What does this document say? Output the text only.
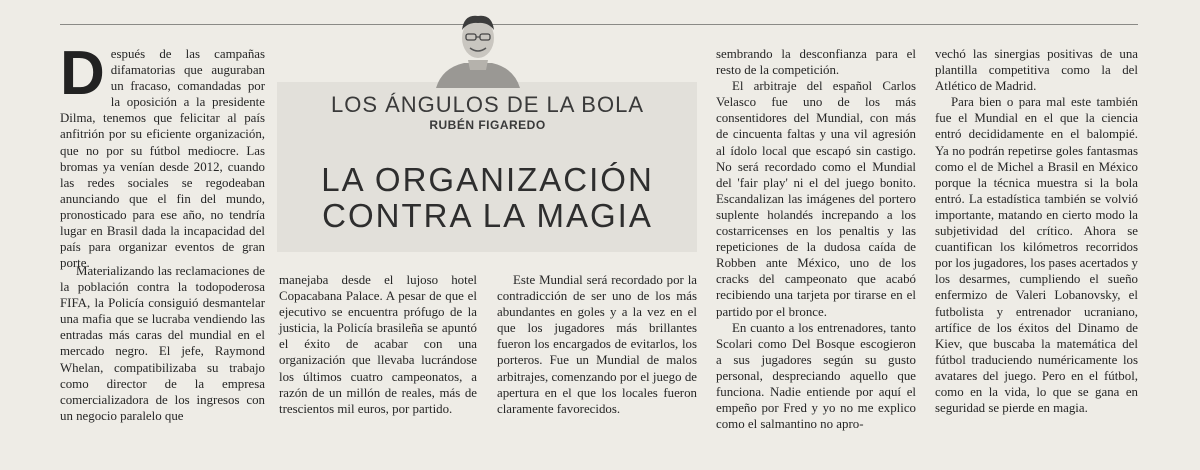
LOS ÁNGULOS DE LA BOLA
RUBÉN FIGAREDO
LA ORGANIZACIÓN
CONTRA LA MAGIA
D espués de las campañas difamatorias que auguraban un fracaso, comandadas por la oposición a la presidente Dilma, tenemos que felicitar al país anfitrión por su eficiente organización, que no por su fútbol mediocre. Las bromas ya venían desde 2012, cuando las redes sociales se regodeaban anunciando que el fin del mundo, pronosticado para ese año, no tendría lugar en Brasil dada la incapacidad del país para organizar eventos de gran porte.

Materializando las reclamaciones de la población contra la todopoderosa FIFA, la Policía consiguió desmantelar una mafia que se lucraba vendiendo las entradas más caras del mundial en el mercado negro. El jefe, Raymond Whelan, compatibilizaba su trabajo como director de la empresa comercializadora de los ingresos con un negocio paralelo que

manejaba desde el lujoso hotel Copacabana Palace. A pesar de que el ejecutivo se encuentra prófugo de la justicia, la Policía brasileña se apuntó el éxito de acabar con una organización que llevaba lucrándose los últimos cuatro campeonatos, a razón de un millón de reales, más de trescientos mil euros, por partido.

Este Mundial será recordado por la contradicción de ser uno de los más abundantes en goles y a la vez en el que los jugadores más brillantes fueron los encargados de evitarlos, los porteros. Fue un Mundial de malos arbitrajes, comenzando por el juego de apertura en el que los locales fueron claramente favorecidos.

sembrando la desconfianza para el resto de la competición.

El arbitraje del español Carlos Velasco fue uno de los más consentidores del Mundial, con más de cincuenta faltas y una vil agresión al ídolo local que escapó sin castigo. No será recordado como el Mundial del 'fair play' ni el del juego bonito. Escandalizan las imágenes del portero suplente holandés increpando a los costarricenses en los penaltis y las repeticiones de la dudosa caída de Robben ante México, uno de los cracks del campeonato que acabó recibiendo una tarjeta por tirarse en el partido por el bronce.

En cuanto a los entrenadores, tanto Scolari como Del Bosque escogieron a sus jugadores según su gusto personal, despreciando aquello que funciona. Nadie entiende por aquí el empeño por Fred y yo no me explico como el salmantino no apro-

vechó las sinergias positivas de una plantilla competitiva como la del Atlético de Madrid.

Para bien o para mal este también fue el Mundial en el que la ciencia entró decididamente en el balompié. Ya no podrán repetirse goles fantasmas como el de Michel a Brasil en México porque la técnica muestra si la bola entró. La estadística también se volvió importante, matando en cierto modo la subjetividad del crítico. Ahora se cuantifican los kilómetros recorridos por los jugadores, los pases acertados y los desarmes, cumpliendo el sueño enfermizo de Valeri Lobanovsky, el futbolista y entrenador ucraniano, artífice de los éxitos del Dinamo de Kiev, que buscaba la matemática del fútbol traduciendo numéricamente los avatares del juego. Pero en el fútbol, como en la vida, lo que se gana en seguridad se pierde en magia.
